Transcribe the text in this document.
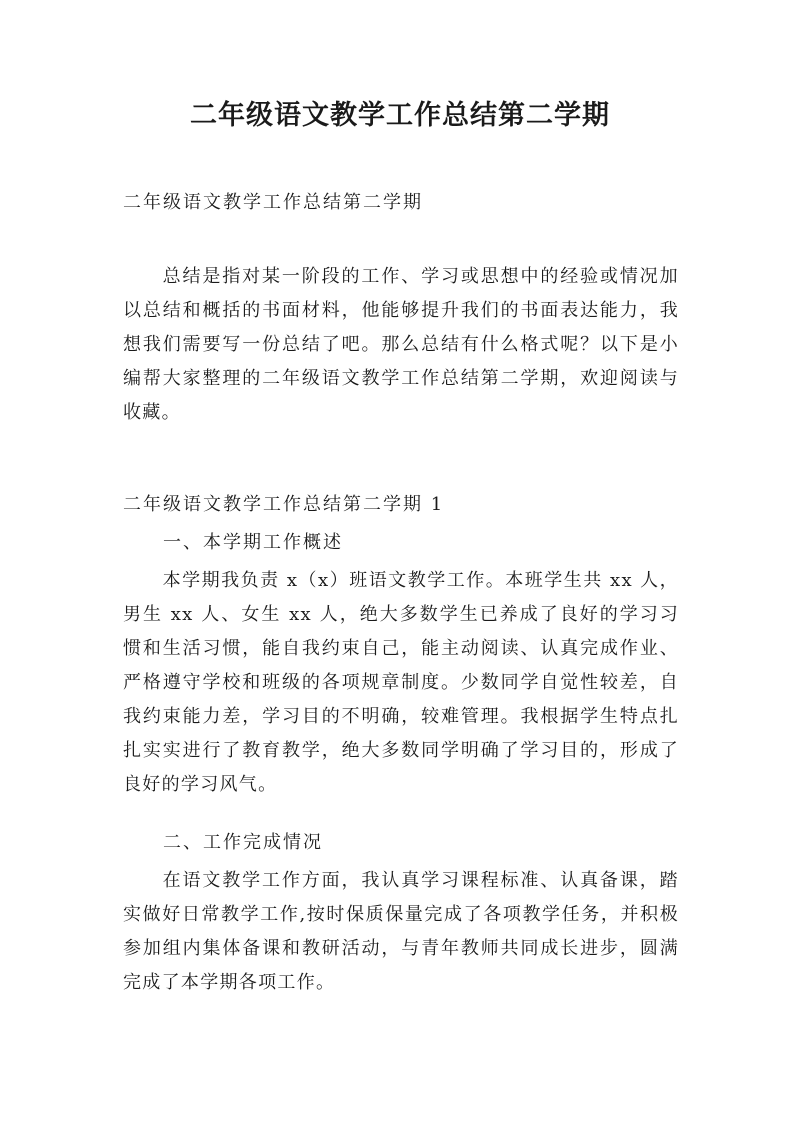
二年级语文教学工作总结第二学期
二年级语文教学工作总结第二学期

总结是指对某一阶段的工作、学习或思想中的经验或情况加以总结和概括的书面材料，他能够提升我们的书面表达能力，我想我们需要写一份总结了吧。那么总结有什么格式呢？以下是小编帮大家整理的二年级语文教学工作总结第二学期，欢迎阅读与收藏。

二年级语文教学工作总结第二学期 1
一、本学期工作概述

本学期我负责 x（x）班语文教学工作。本班学生共 xx 人，男生 xx 人、女生 xx 人，绝大多数学生已养成了良好的学习习惯和生活习惯，能自我约束自己，能主动阅读、认真完成作业、严格遵守学校和班级的各项规章制度。少数同学自觉性较差，自我约束能力差，学习目的不明确，较难管理。我根据学生特点扎扎实实进行了教育教学，绝大多数同学明确了学习目的，形成了良好的学习风气。

二、工作完成情况

在语文教学工作方面，我认真学习课程标准、认真备课，踏实做好日常教学工作,按时保质保量完成了各项教学任务，并积极参加组内集体备课和教研活动，与青年教师共同成长进步，圆满完成了本学期各项工作。
